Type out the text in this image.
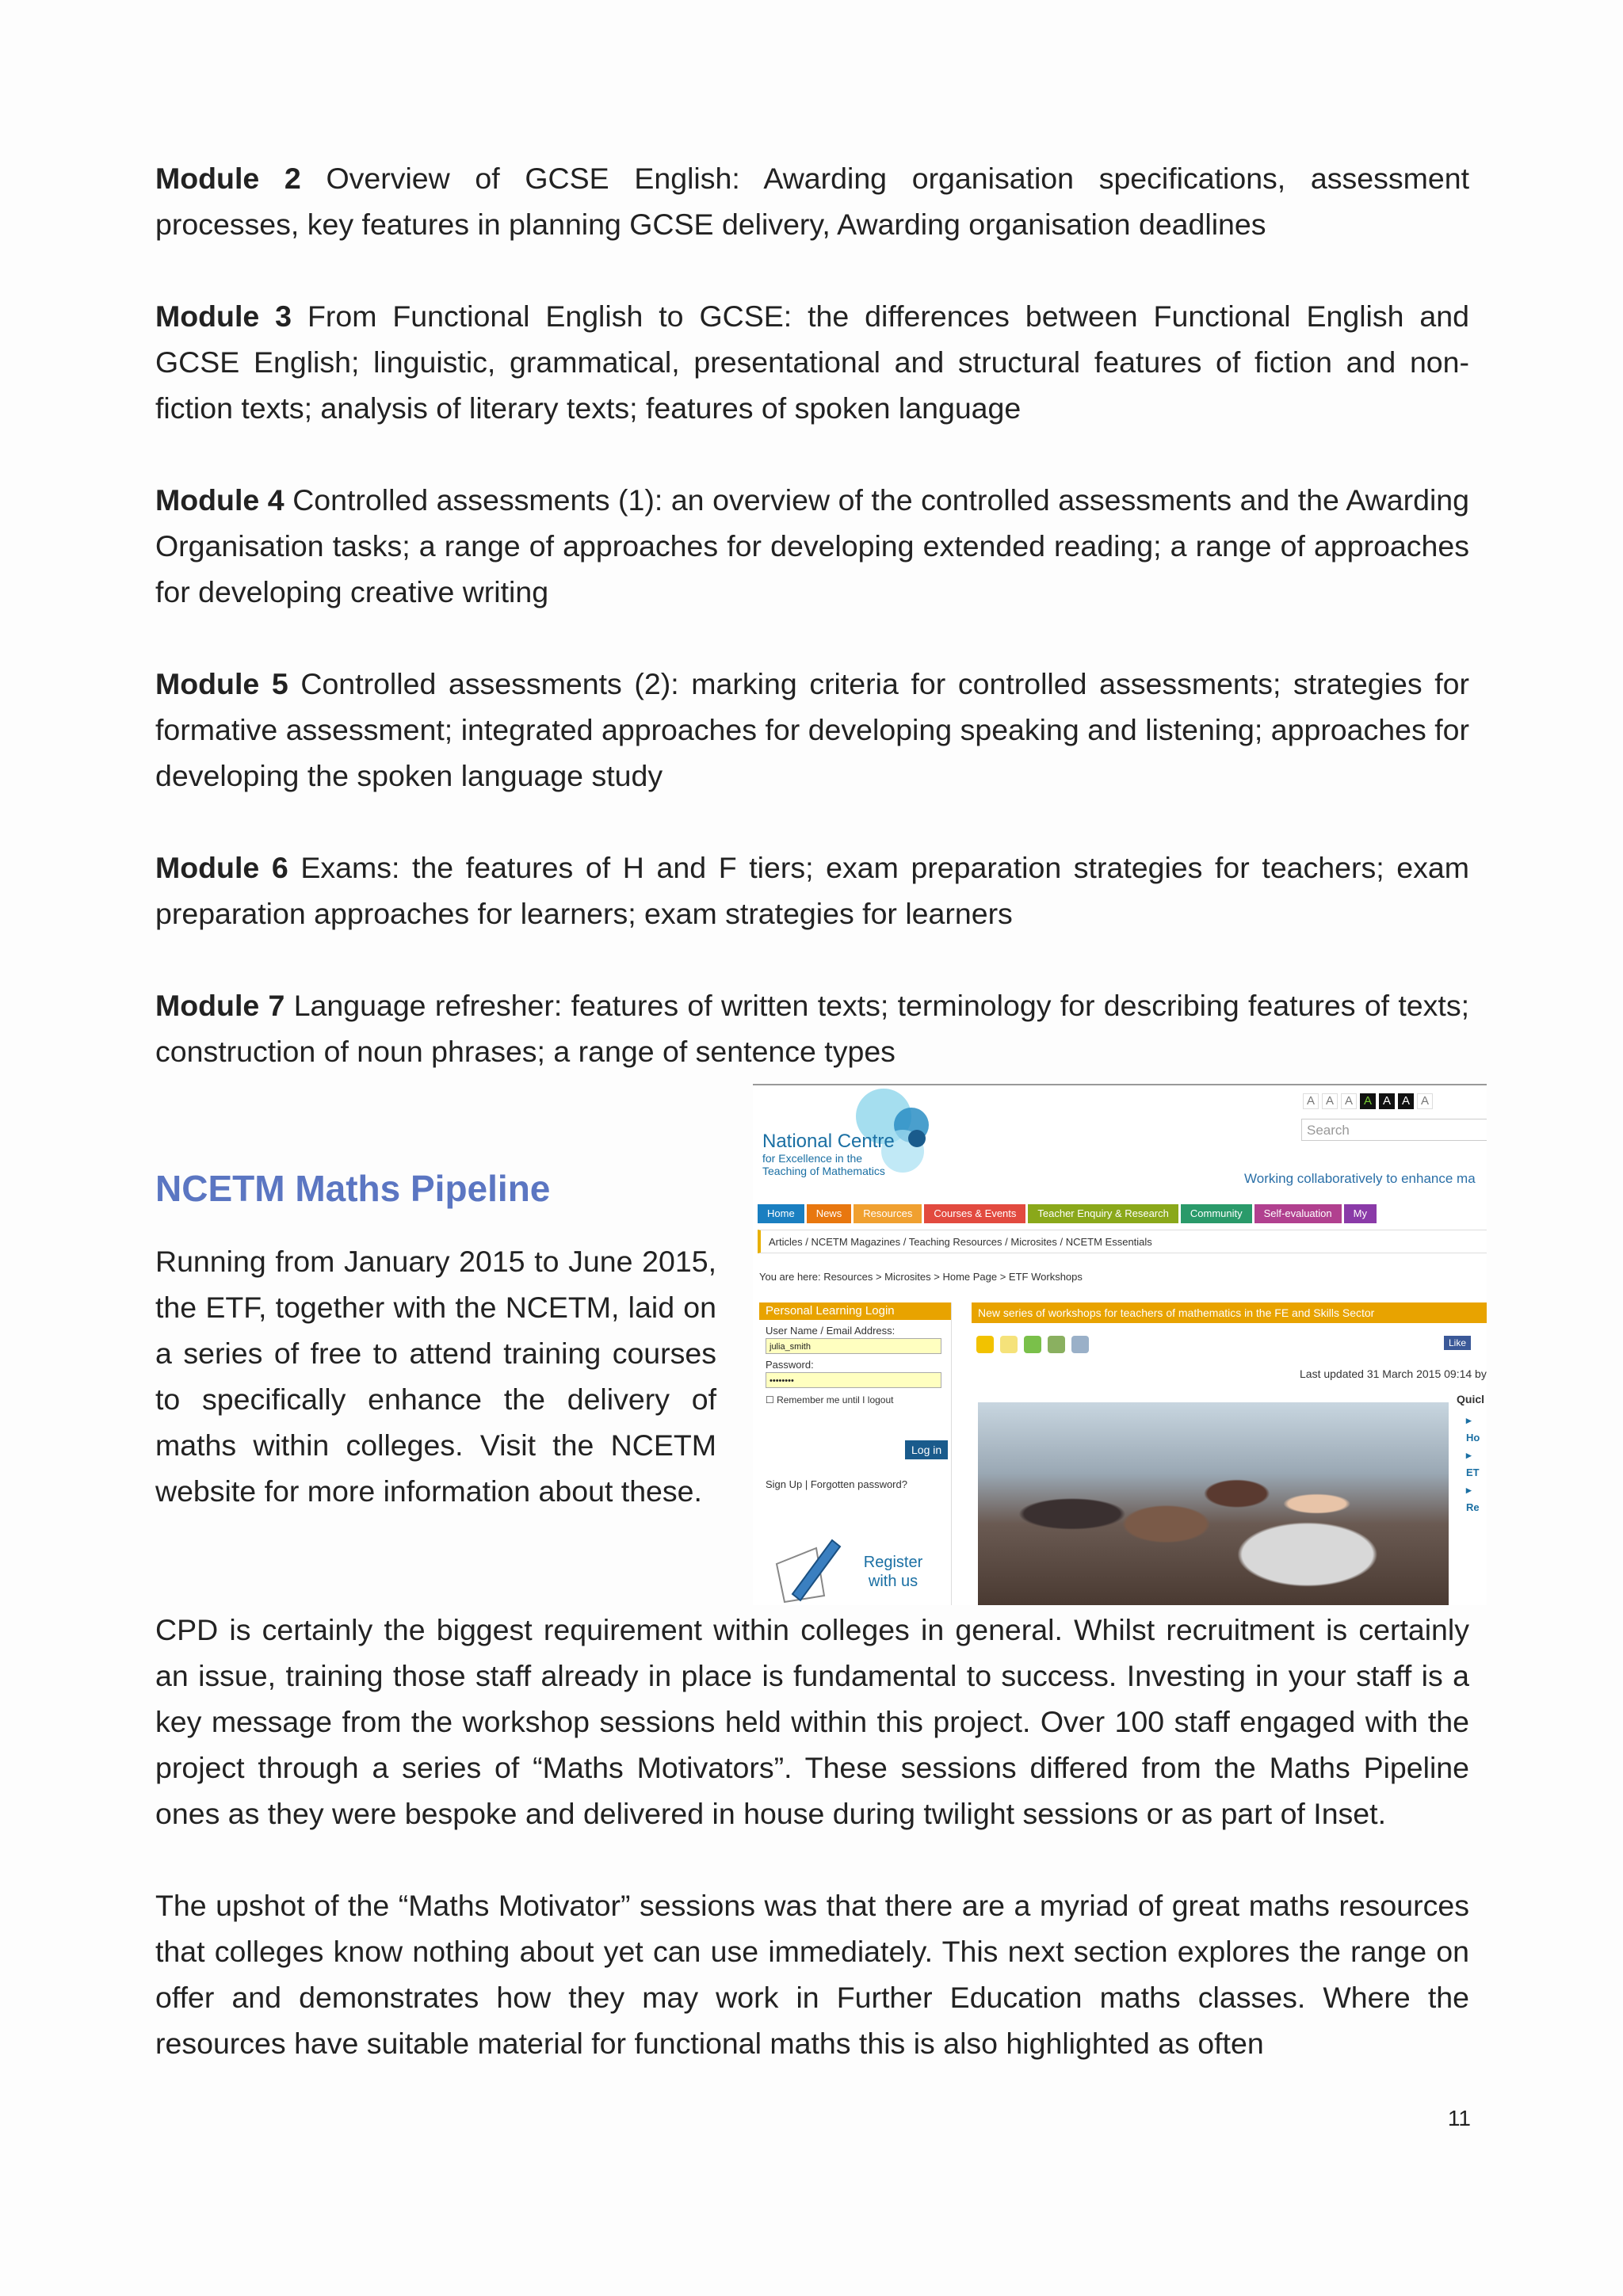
Module 2 Overview of GCSE English: Awarding organisation specifications, assessment processes, key features in planning GCSE delivery, Awarding organisation deadlines

Module 3 From Functional English to GCSE: the differences between Functional English and GCSE English; linguistic, grammatical, presentational and structural features of fiction and non-fiction texts; analysis of literary texts; features of spoken language

Module 4 Controlled assessments (1): an overview of the controlled assessments and the Awarding Organisation tasks; a range of approaches for developing extended reading; a range of approaches for developing creative writing

Module 5 Controlled assessments (2): marking criteria for controlled assessments; strategies for formative assessment; integrated approaches for developing speaking and listening; approaches for developing the spoken language study

Module 6 Exams: the features of H and F tiers; exam preparation strategies for teachers; exam preparation approaches for learners; exam strategies for learners

Module 7 Language refresher: features of written texts; terminology for describing features of texts; construction of noun phrases; a range of sentence types

NCETM Maths Pipeline

Running from January 2015 to June 2015, the ETF, together with the NCETM, laid on a series of free to attend training courses to specifically enhance the delivery of maths within colleges. Visit the NCETM website for more information about these.

National Centre
for Excellence in the
Teaching of Mathematics
A A A A A A A
Search
Working collaboratively to enhance ma
Home	News	Resources	Courses & Events	Teacher Enquiry & Research	Community	Self-evaluation	My
Articles / NCETM Magazines / Teaching Resources / Microsites / NCETM Essentials
You are here: Resources > Microsites > Home Page > ETF Workshops
Personal Learning Login
User Name / Email Address:
julia_smith
Password:
••••••••
☐ Remember me until I logout
Log in
Sign Up | Forgotten password?
Register with us
New series of workshops for teachers of mathematics in the FE and Skills Sector
Like
Last updated 31 March 2015 09:14 by
Quicl
▸ Ho
▸ ET
▸ Re

CPD is certainly the biggest requirement within colleges in general. Whilst recruitment is certainly an issue, training those staff already in place is fundamental to success. Investing in your staff is a key message from the workshop sessions held within this project. Over 100 staff engaged with the project through a series of “Maths Motivators”. These sessions differed from the Maths Pipeline ones as they were bespoke and delivered in house during twilight sessions or as part of Inset.

The upshot of the “Maths Motivator” sessions was that there are a myriad of great maths resources that colleges know nothing about yet can use immediately. This next section explores the range on offer and demonstrates how they may work in Further Education maths classes. Where the resources have suitable material for functional maths this is also highlighted as often

11
